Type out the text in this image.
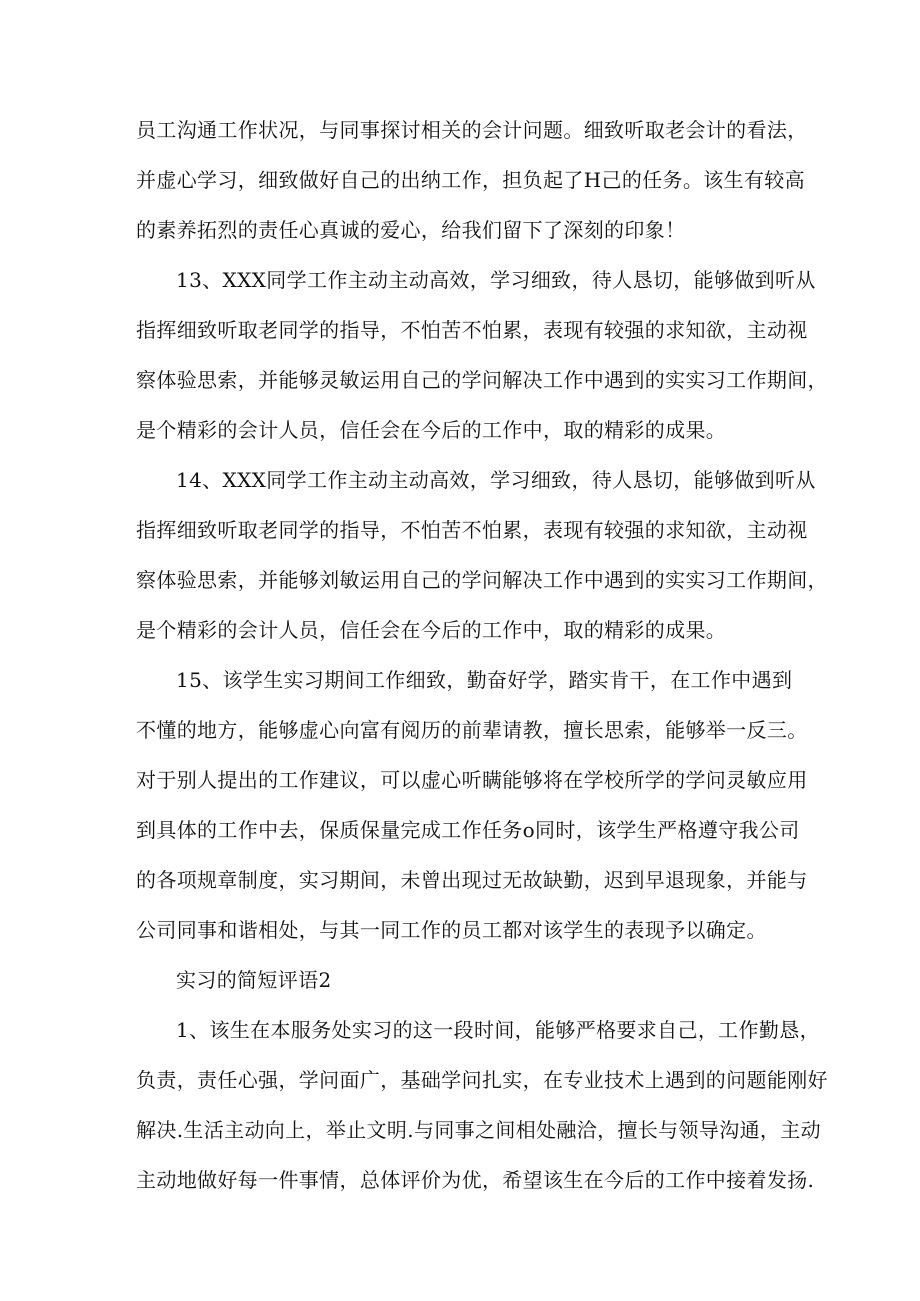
员工沟通工作状况，与同事探讨相关的会计问题。细致听取老会计的看法，
并虚心学习，细致做好自己的出纳工作，担负起了H己的任务。该生有较高
的素养拓烈的责任心真诚的爱心，给我们留下了深刻的印象！
13、XXX同学工作主动主动高效，学习细致，待人恳切，能够做到听从
指挥细致听取老同学的指导，不怕苦不怕累，表现有较强的求知欲，主动视
察体验思索，并能够灵敏运用自己的学问解决工作中遇到的实实习工作期间，
是个精彩的会计人员，信任会在今后的工作中，取的精彩的成果。
14、XXX同学工作主动主动高效，学习细致，待人恳切，能够做到听从
指挥细致听取老同学的指导，不怕苦不怕累，表现有较强的求知欲，主动视
察体验思索，并能够刘敏运用自己的学问解决工作中遇到的实实习工作期间，
是个精彩的会计人员，信任会在今后的工作中，取的精彩的成果。
15、该学生实习期间工作细致，勤奋好学，踏实肯干，在工作中遇到
不懂的地方，能够虚心向富有阅历的前辈请教，擅长思索，能够举一反三。
对于别人提出的工作建议，可以虚心听瞒能够将在学校所学的学问灵敏应用
到具体的工作中去，保质保量完成工作任务o同时，该学生严格遵守我公司
的各项规章制度，实习期间，未曾出现过无故缺勤，迟到早退现象，并能与
公司同事和谐相处，与其一同工作的员工都对该学生的表现予以确定。
实习的简短评语2
1、该生在本服务处实习的这一段时间，能够严格要求自己，工作勤恳，
负责，责任心强，学问面广，基础学问扎实，在专业技术上遇到的问题能刚好
解决.生活主动向上，举止文明.与同事之间相处融洽，擅长与领导沟通，主动
主动地做好每一件事情，总体评价为优，希望该生在今后的工作中接着发扬.
